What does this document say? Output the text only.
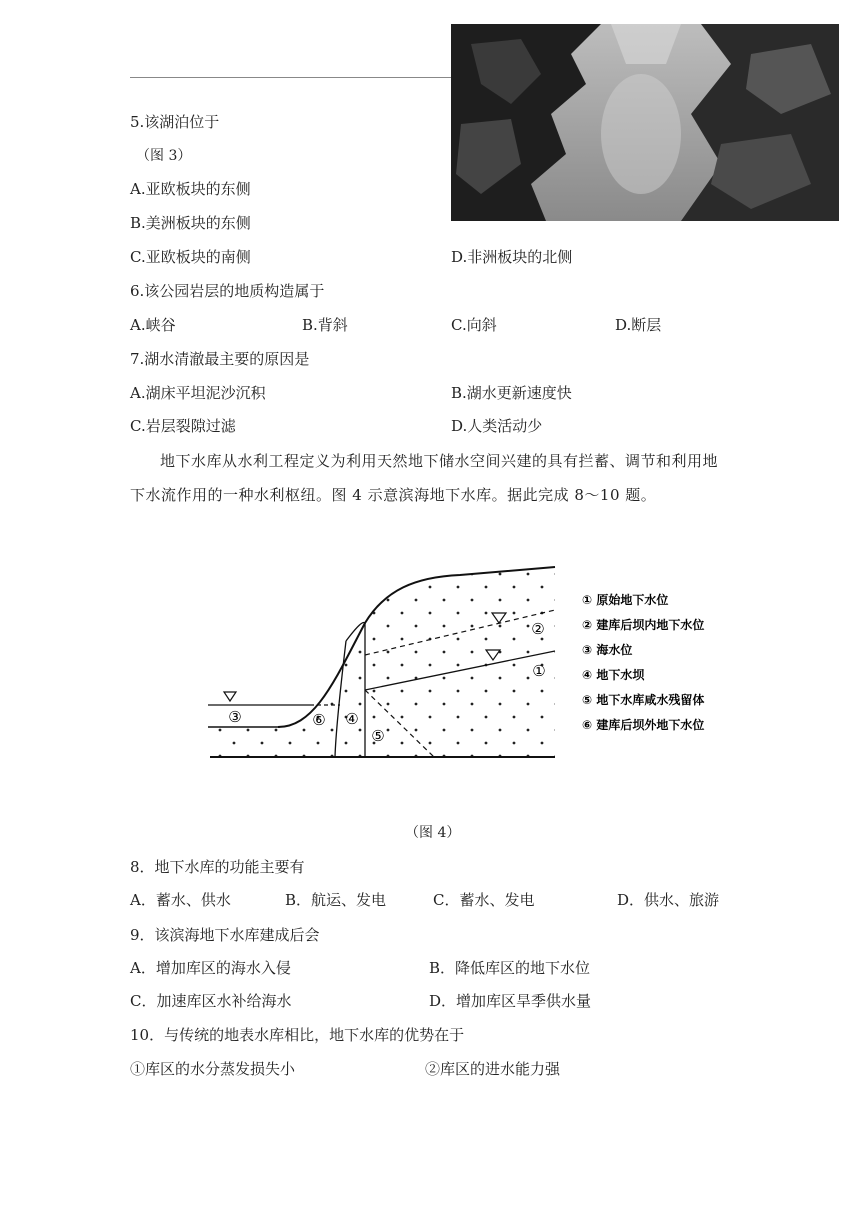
5.该湖泊位于
（图 3）
A.亚欧板块的东侧
B.美洲板块的东侧
C.亚欧板块的南侧	D.非洲板块的北侧
6.该公园岩层的地质构造属于
A.峡谷	B.背斜	C.向斜	D.断层
7.湖水清澈最主要的原因是
A.湖床平坦泥沙沉积	B.湖水更新速度快
C.岩层裂隙过滤	D.人类活动少
地下水库从水利工程定义为利用天然地下储水空间兴建的具有拦蓄、调节和利用地下水流作用的一种水利枢纽。图 4 示意滨海地下水库。据此完成 8～10 题。
③	⑥ ④
⑤
②
①
① 原始地下水位
② 建库后坝内地下水位
③ 海水位
④ 地下水坝
⑤ 地下水库咸水残留体
⑥ 建库后坝外地下水位
（图 4）
8．地下水库的功能主要有
A．蓄水、供水	B．航运、发电	C．蓄水、发电	D．供水、旅游
9．该滨海地下水库建成后会
A．增加库区的海水入侵	B．降低库区的地下水位
C．加速库区水补给海水	D．增加库区旱季供水量
10．与传统的地表水库相比，地下水库的优势在于
①库区的水分蒸发损失小	②库区的进水能力强
